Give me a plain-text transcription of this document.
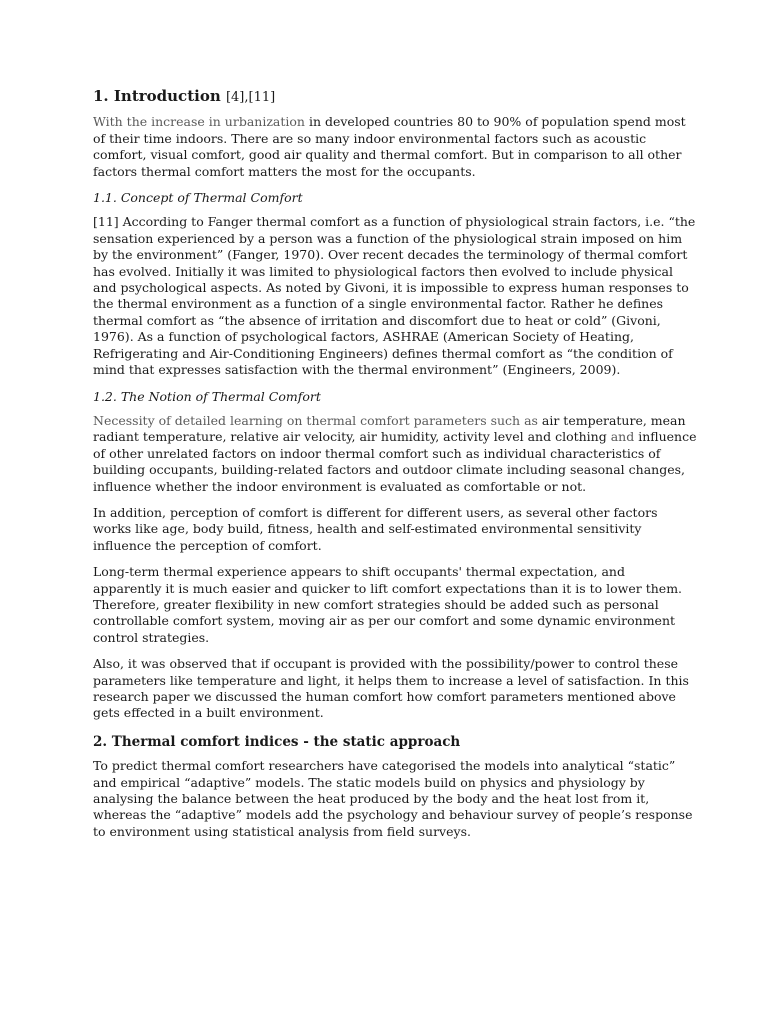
1. Introduction [4],[11]

With the increase in urbanization in developed countries 80 to 90% of population spend most of their time indoors. There are so many indoor environmental factors such as acoustic comfort, visual comfort, good air quality and thermal comfort. But in comparison to all other factors thermal comfort matters the most for the occupants.

1.1. Concept of Thermal Comfort

[11] According to Fanger thermal comfort as a function of physiological strain factors, i.e. “the sensation experienced by a person was a function of the physiological strain imposed on him by the environment” (Fanger, 1970). Over recent decades the terminology of thermal comfort has evolved. Initially it was limited to physiological factors then evolved to include physical and psychological aspects. As noted by Givoni, it is impossible to express human responses to the thermal environment as a function of a single environmental factor. Rather he defines thermal comfort as “the absence of irritation and discomfort due to heat or cold” (Givoni, 1976). As a function of psychological factors, ASHRAE (American Society of Heating, Refrigerating and Air-Conditioning Engineers) defines thermal comfort as “the condition of mind that expresses satisfaction with the thermal environment” (Engineers, 2009).

1.2. The Notion of Thermal Comfort

Necessity of detailed learning on thermal comfort parameters such as air temperature, mean radiant temperature, relative air velocity, air humidity, activity level and clothing and influence of other unrelated factors on indoor thermal comfort such as individual characteristics of building occupants, building-related factors and outdoor climate including seasonal changes, influence whether the indoor environment is evaluated as comfortable or not.

In addition, perception of comfort is different for different users, as several other factors works like age, body build, fitness, health and self-estimated environmental sensitivity influence the perception of comfort.

Long-term thermal experience appears to shift occupants' thermal expectation, and apparently it is much easier and quicker to lift comfort expectations than it is to lower them. Therefore, greater flexibility in new comfort strategies should be added such as personal controllable comfort system, moving air as per our comfort and some dynamic environment control strategies.

Also, it was observed that if occupant is provided with the possibility/power to control these parameters like temperature and light, it helps them to increase a level of satisfaction. In this research paper we discussed the human comfort how comfort parameters mentioned above gets effected in a built environment.

2. Thermal comfort indices - the static approach

To predict thermal comfort researchers have categorised the models into analytical “static” and empirical “adaptive” models. The static models build on physics and physiology by analysing the balance between the heat produced by the body and the heat lost from it, whereas the “adaptive” models add the psychology and behaviour survey of people’s response to environment using statistical analysis from field surveys.
